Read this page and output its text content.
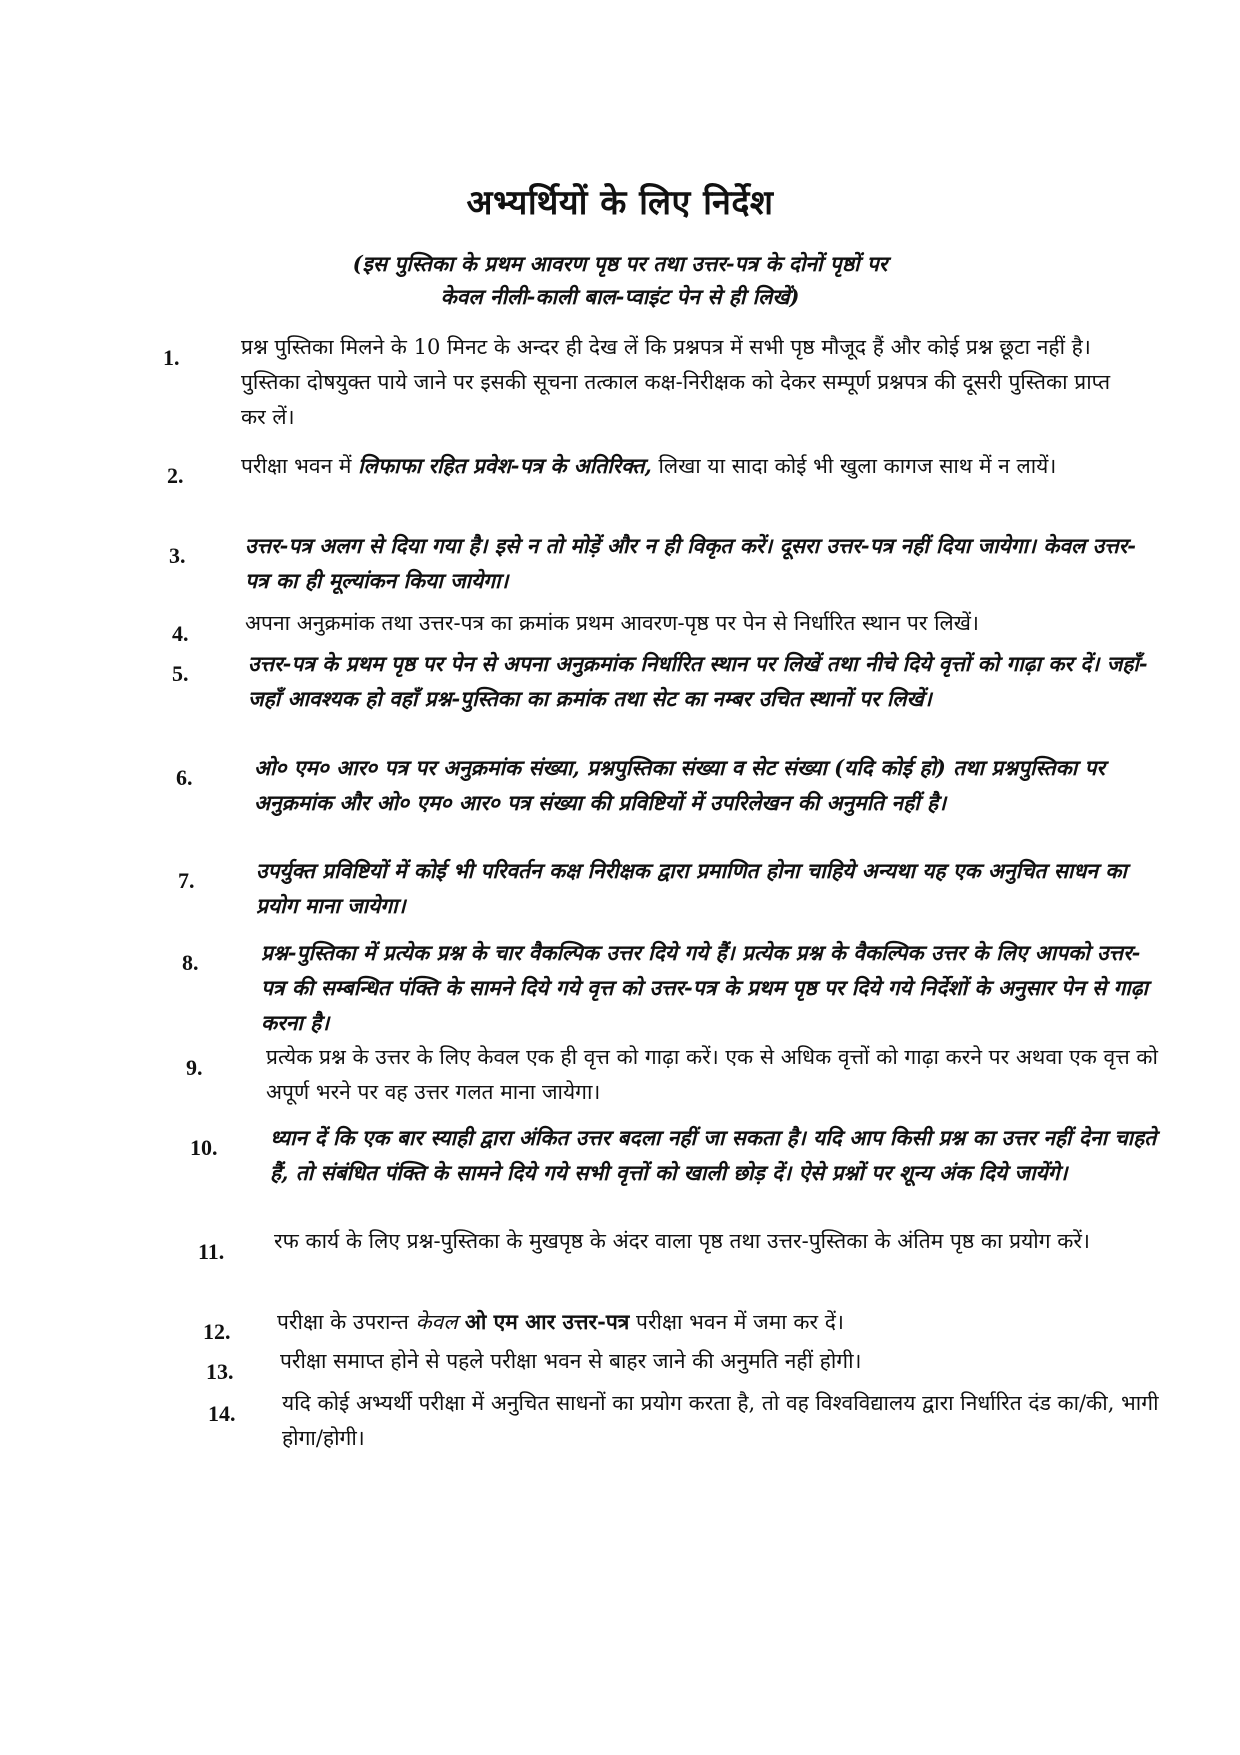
अभ्यर्थियों के लिए निर्देश
(इस पुस्तिका के प्रथम आवरण पृष्ठ पर तथा उत्तर-पत्र के दोनों पृष्ठों पर
केवल नीली-काली बाल-प्वाइंट पेन से ही लिखें)
1.	प्रश्न पुस्तिका मिलने के 10 मिनट के अन्दर ही देख लें कि प्रश्नपत्र में सभी पृष्ठ मौजूद हैं और कोई प्रश्न छूटा नहीं है। पुस्तिका दोषयुक्त पाये जाने पर इसकी सूचना तत्काल कक्ष-निरीक्षक को देकर सम्पूर्ण प्रश्नपत्र की दूसरी पुस्तिका प्राप्त कर लें।
2.	परीक्षा भवन में लिफाफा रहित प्रवेश-पत्र के अतिरिक्त, लिखा या सादा कोई भी खुला कागज साथ में न लायें।
3.	उत्तर-पत्र अलग से दिया गया है। इसे न तो मोड़ें और न ही विकृत करें। दूसरा उत्तर-पत्र नहीं दिया जायेगा। केवल उत्तर-पत्र का ही मूल्यांकन किया जायेगा।
4.	अपना अनुक्रमांक तथा उत्तर-पत्र का क्रमांक प्रथम आवरण-पृष्ठ पर पेन से निर्धारित स्थान पर लिखें।
5.	उत्तर-पत्र के प्रथम पृष्ठ पर पेन से अपना अनुक्रमांक निर्धारित स्थान पर लिखें तथा नीचे दिये वृत्तों को गाढ़ा कर दें। जहाँ-जहाँ आवश्यक हो वहाँ प्रश्न-पुस्तिका का क्रमांक तथा सेट का नम्बर उचित स्थानों पर लिखें।
6.	ओ० एम० आर० पत्र पर अनुक्रमांक संख्या, प्रश्नपुस्तिका संख्या व सेट संख्या (यदि कोई हो) तथा प्रश्नपुस्तिका पर अनुक्रमांक और ओ० एम० आर० पत्र संख्या की प्रविष्टियों में उपरिलेखन की अनुमति नहीं है।
7.	उपर्युक्त प्रविष्टियों में कोई भी परिवर्तन कक्ष निरीक्षक द्वारा प्रमाणित होना चाहिये अन्यथा यह एक अनुचित साधन का प्रयोग माना जायेगा।
8.	प्रश्न-पुस्तिका में प्रत्येक प्रश्न के चार वैकल्पिक उत्तर दिये गये हैं। प्रत्येक प्रश्न के वैकल्पिक उत्तर के लिए आपको उत्तर-पत्र की सम्बन्धित पंक्ति के सामने दिये गये वृत्त को उत्तर-पत्र के प्रथम पृष्ठ पर दिये गये निर्देशों के अनुसार पेन से गाढ़ा करना है।
9.	प्रत्येक प्रश्न के उत्तर के लिए केवल एक ही वृत्त को गाढ़ा करें। एक से अधिक वृत्तों को गाढ़ा करने पर अथवा एक वृत्त को अपूर्ण भरने पर वह उत्तर गलत माना जायेगा।
10.	ध्यान दें कि एक बार स्याही द्वारा अंकित उत्तर बदला नहीं जा सकता है। यदि आप किसी प्रश्न का उत्तर नहीं देना चाहते हैं, तो संबंधित पंक्ति के सामने दिये गये सभी वृत्तों को खाली छोड़ दें। ऐसे प्रश्नों पर शून्य अंक दिये जायेंगे।
11. रफ कार्य के लिए प्रश्न-पुस्तिका के मुखपृष्ठ के अंदर वाला पृष्ठ तथा उत्तर-पुस्तिका के अंतिम पृष्ठ का प्रयोग करें।
12. परीक्षा के उपरान्त केवल ओ एम आर उत्तर-पत्र परीक्षा भवन में जमा कर दें।
13. परीक्षा समाप्त होने से पहले परीक्षा भवन से बाहर जाने की अनुमति नहीं होगी।
14. यदि कोई अभ्यर्थी परीक्षा में अनुचित साधनों का प्रयोग करता है, तो वह विश्वविद्यालय द्वारा निर्धारित दंड का/की, भागी होगा/होगी।
